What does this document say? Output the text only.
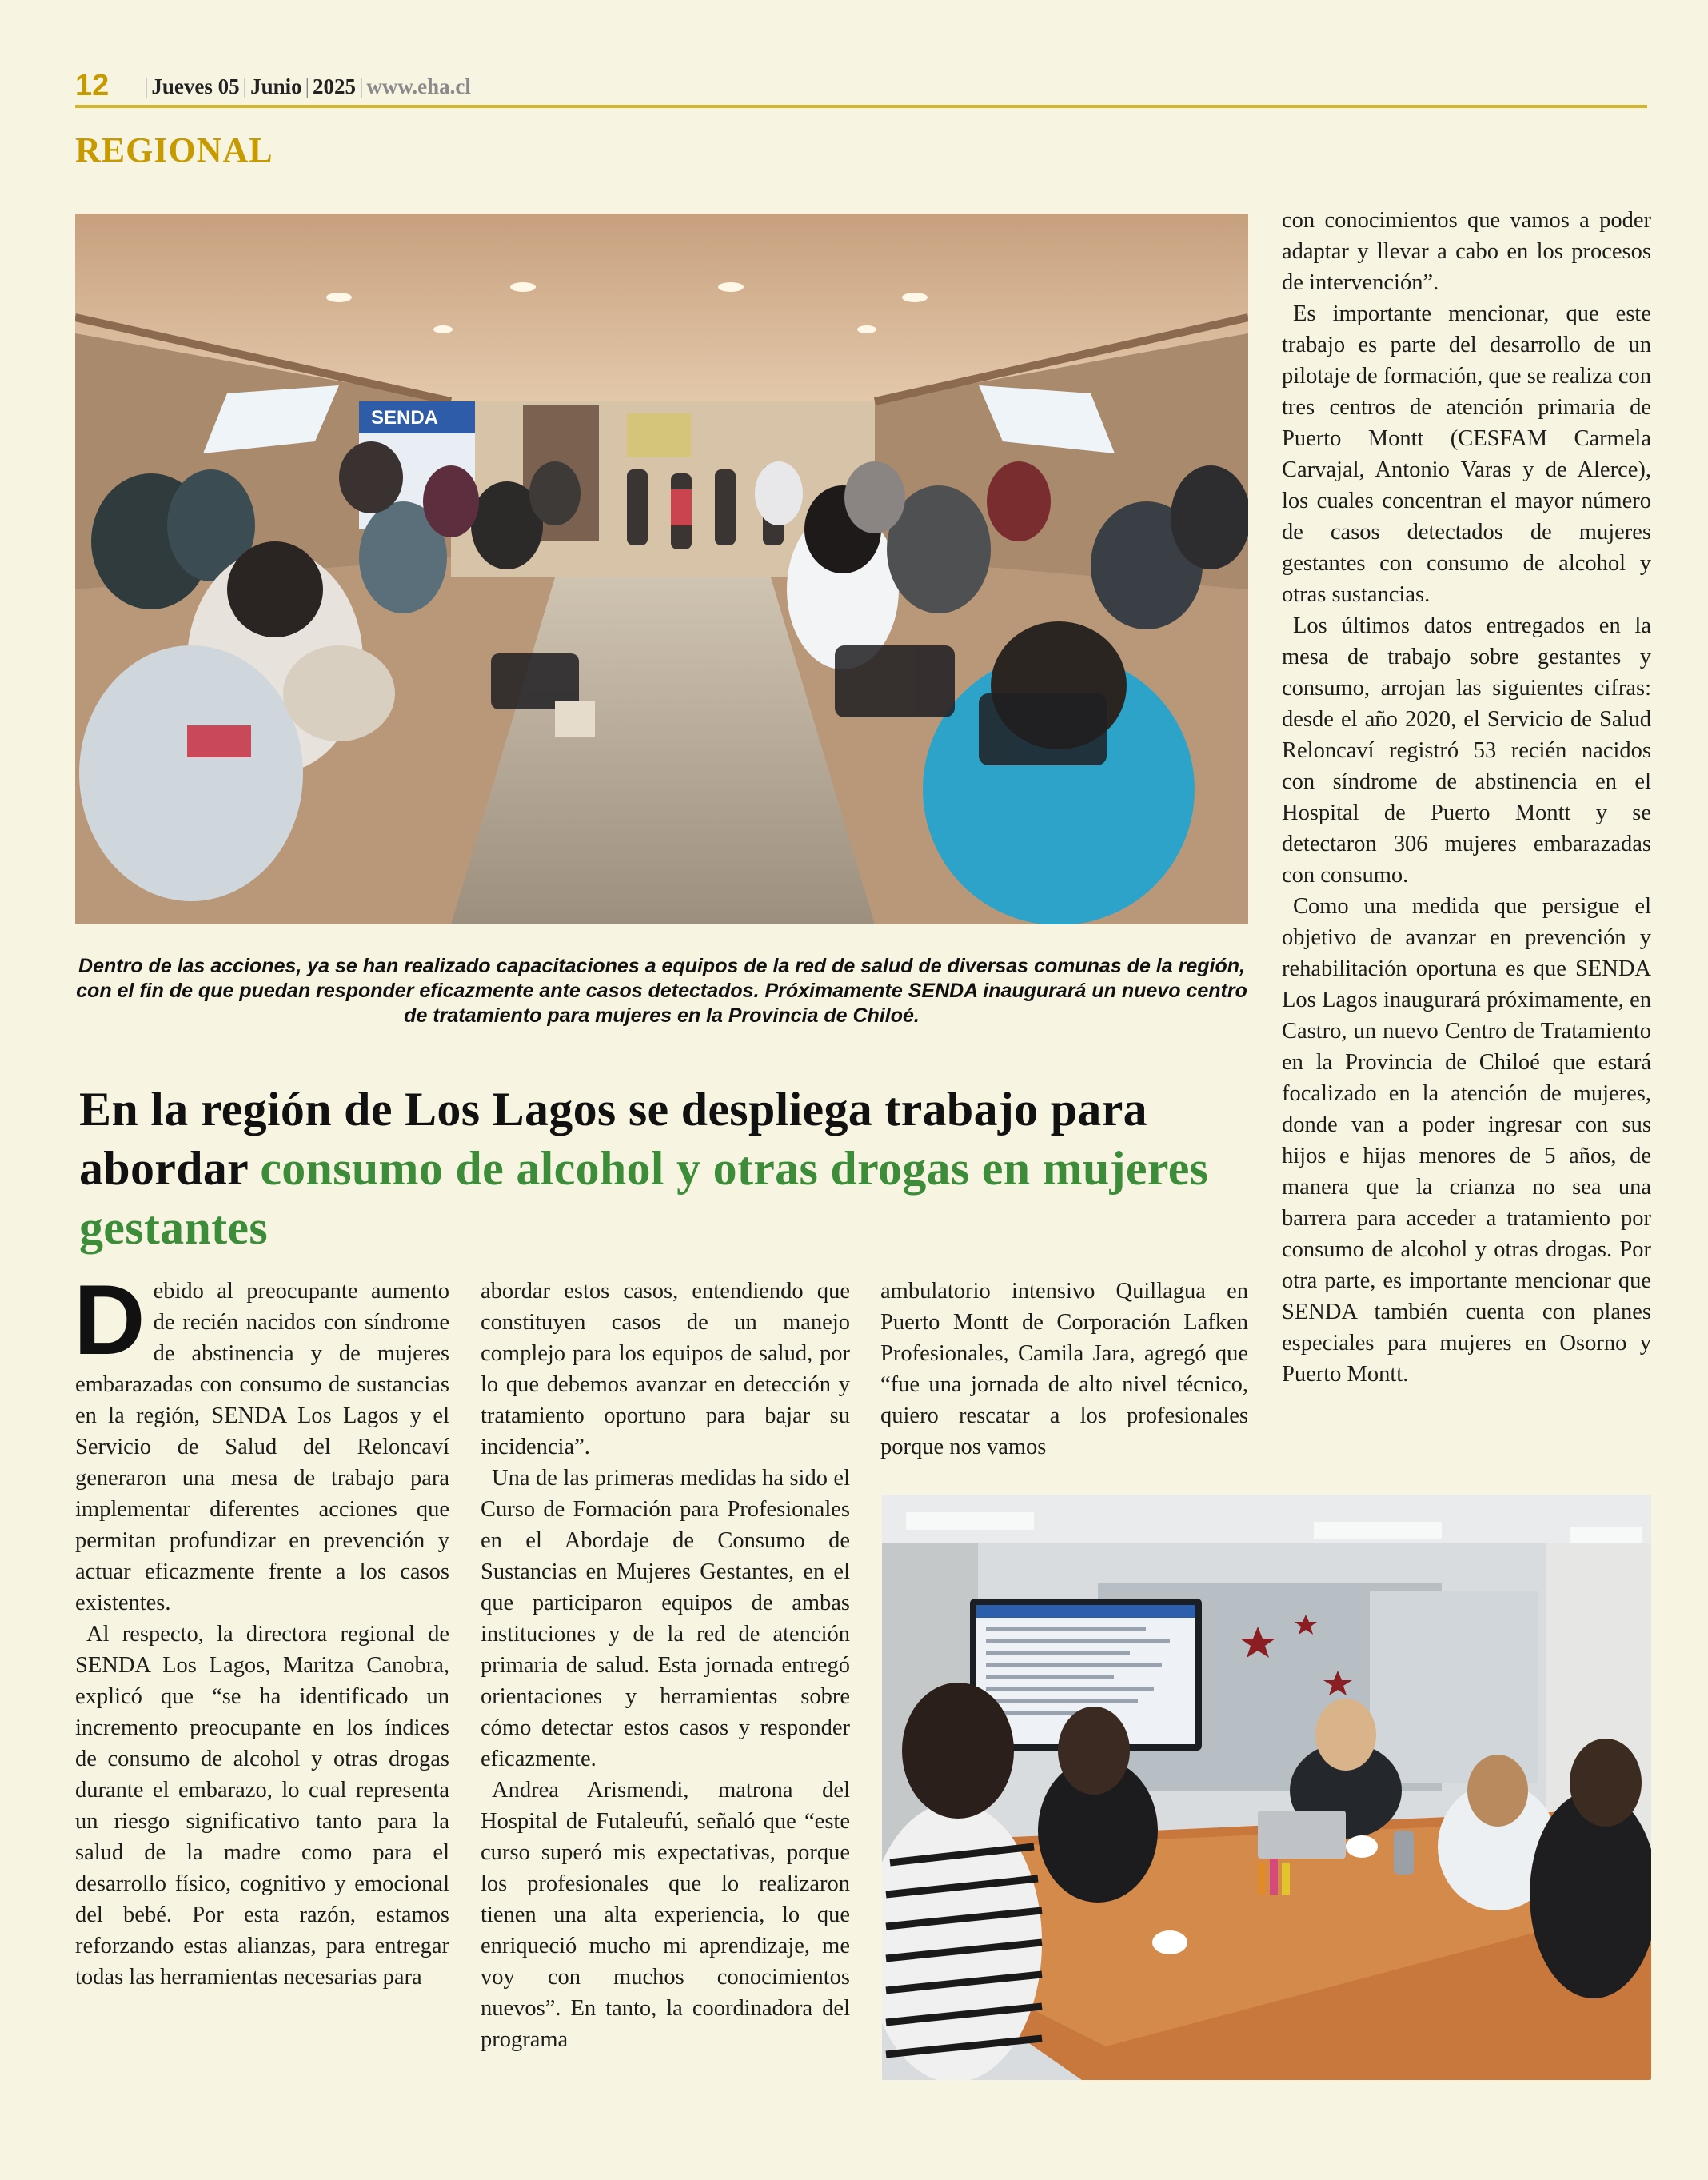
12 | Jueves 05 | Junio | 2025 | www.eha.cl
REGIONAL
SENDA
Dentro de las acciones, ya se han realizado capacitaciones a equipos de la red de salud de diversas comunas de la región, con el fin de que puedan responder eficazmente ante casos detectados. Próximamente SENDA inaugurará un nuevo centro de tratamiento para mujeres en la Provincia de Chiloé.
En la región de Los Lagos se despliega trabajo para abordar consumo de alcohol y otras drogas en mujeres gestantes

Debido al preocupante aumento de recién nacidos con síndrome de abstinencia y de mujeres embarazadas con consumo de sustancias en la región, SENDA Los Lagos y el Servicio de Salud del Reloncaví generaron una mesa de trabajo para implementar diferentes acciones que permitan profundizar en prevención y actuar eficazmente frente a los casos existentes.

Al respecto, la directora regional de SENDA Los Lagos, Maritza Canobra, explicó que “se ha identificado un incremento preocupante en los índices de consumo de alcohol y otras drogas durante el embarazo, lo cual representa un riesgo significativo tanto para la salud de la madre como para el desarrollo físico, cognitivo y emocional del bebé. Por esta razón, estamos reforzando estas alianzas, para entregar todas las herramientas necesarias para

abordar estos casos, entendiendo que constituyen casos de un manejo complejo para los equipos de salud, por lo que debemos avanzar en detección y tratamiento oportuno para bajar su incidencia”.

Una de las primeras medidas ha sido el Curso de Formación para Profesionales en el Abordaje de Consumo de Sustancias en Mujeres Gestantes, en el que participaron equipos de ambas instituciones y de la red de atención primaria de salud. Esta jornada entregó orientaciones y herramientas sobre cómo detectar estos casos y responder eficazmente.

Andrea Arismendi, matrona del Hospital de Futaleufú, señaló que “este curso superó mis expectativas, porque los profesionales que lo realizaron tienen una alta experiencia, lo que enriqueció mucho mi aprendizaje, me voy con muchos conocimientos nuevos”. En tanto, la coordinadora del programa

ambulatorio intensivo Quillagua en Puerto Montt de Corporación Lafken Profesionales, Camila Jara, agregó que “fue una jornada de alto nivel técnico, quiero rescatar a los profesionales porque nos vamos

con conocimientos que vamos a poder adaptar y llevar a cabo en los procesos de intervención”.

Es importante mencionar, que este trabajo es parte del desarrollo de un pilotaje de formación, que se realiza con tres centros de atención primaria de Puerto Montt (CESFAM Carmela Carvajal, Antonio Varas y de Alerce), los cuales concentran el mayor número de casos detectados de mujeres gestantes con consumo de alcohol y otras sustancias.

Los últimos datos entregados en la mesa de trabajo sobre gestantes y consumo, arrojan las siguientes cifras: desde el año 2020, el Servicio de Salud Reloncaví registró 53 recién nacidos con síndrome de abstinencia en el Hospital de Puerto Montt y se detectaron 306 mujeres embarazadas con consumo.

Como una medida que persigue el objetivo de avanzar en prevención y rehabilitación oportuna es que SENDA Los Lagos inaugurará próximamente, en Castro, un nuevo Centro de Tratamiento en la Provincia de Chiloé que estará focalizado en la atención de mujeres, donde van a poder ingresar con sus hijos e hijas menores de 5 años, de manera que la crianza no sea una barrera para acceder a tratamiento por consumo de alcohol y otras drogas. Por otra parte, es importante mencionar que SENDA también cuenta con planes especiales para mujeres en Osorno y Puerto Montt.
